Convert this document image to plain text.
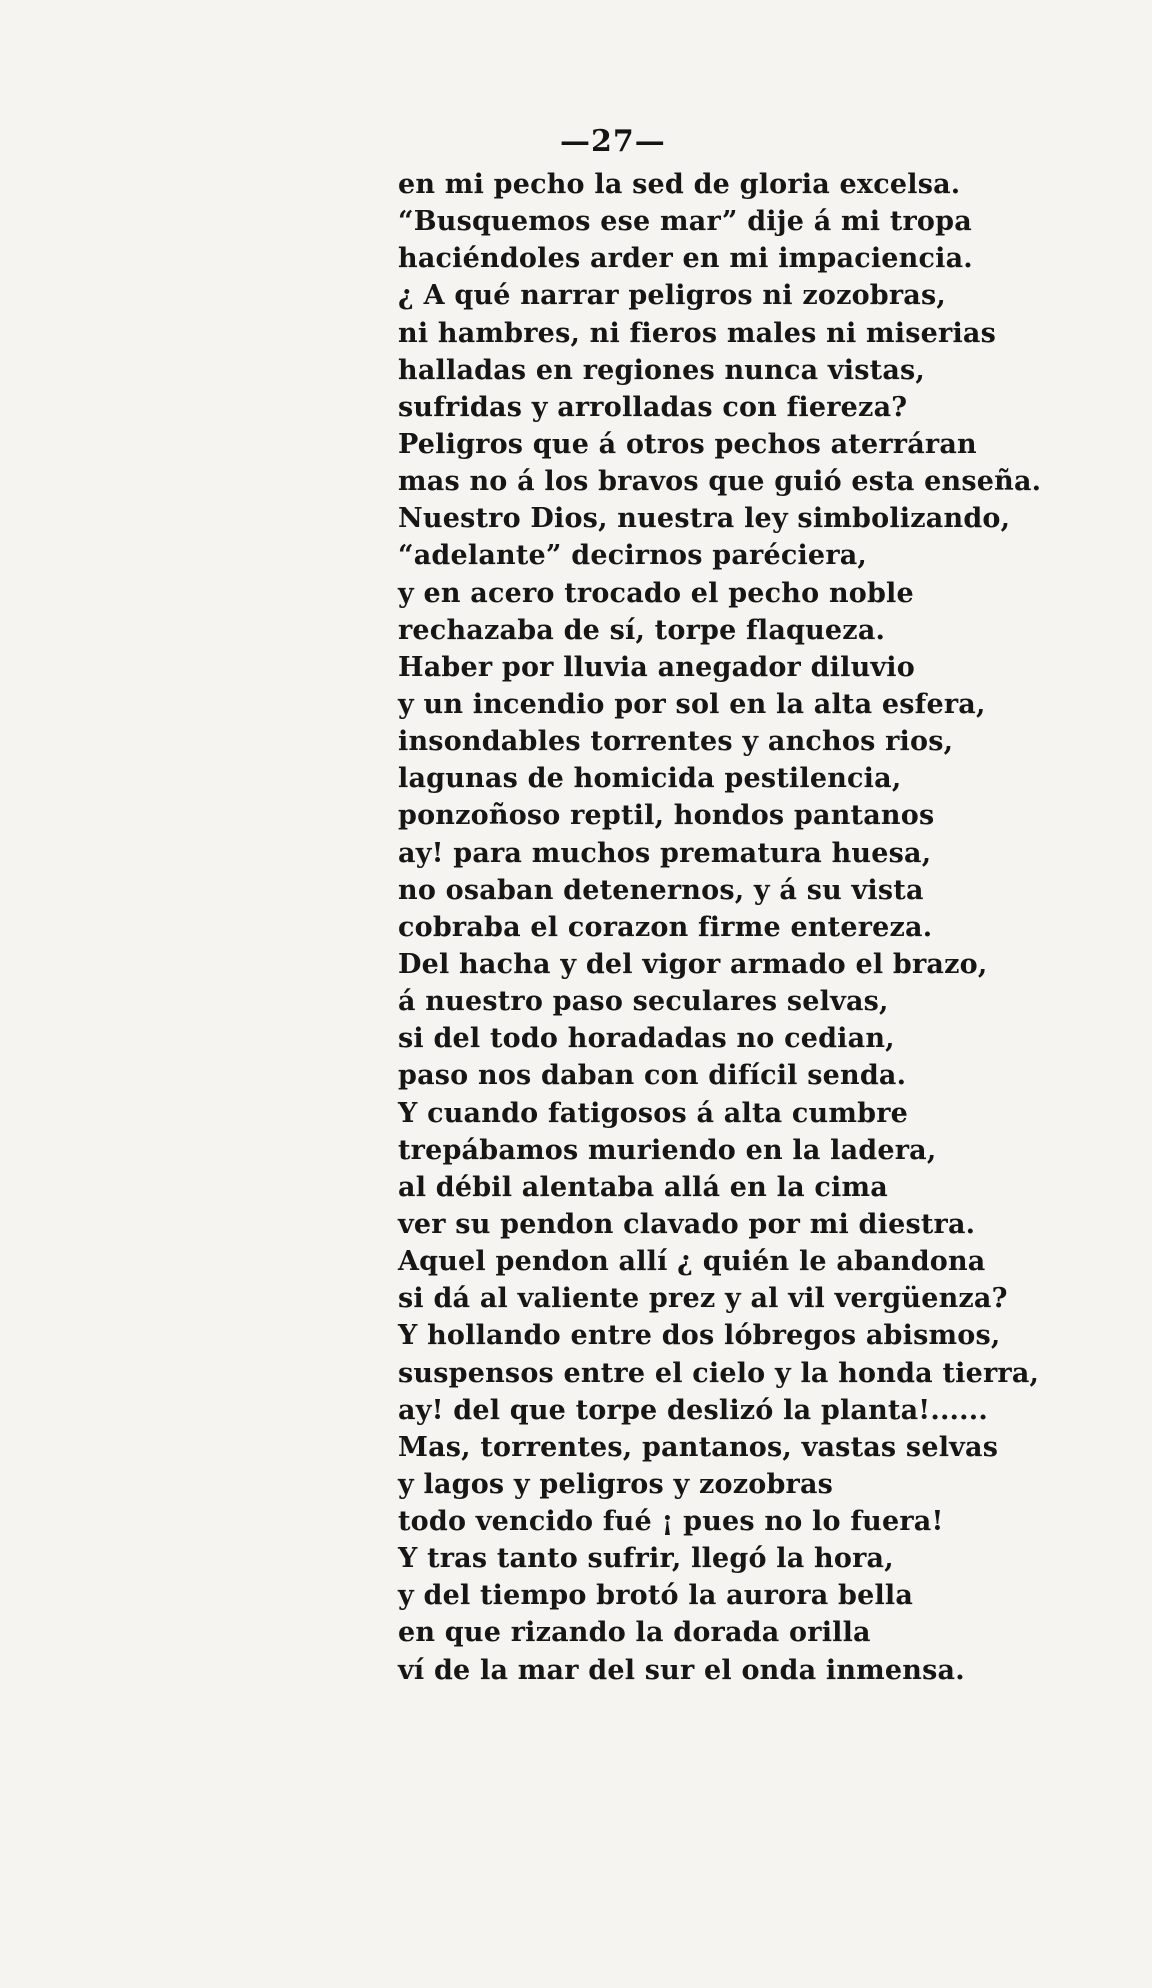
—27—
en mi pecho la sed de gloria excelsa.
“Busquemos ese mar” dije á mi tropa
haciéndoles arder en mi impaciencia.
¿ A qué narrar peligros ni zozobras,
ni hambres, ni fieros males ni miserias
halladas en regiones nunca vistas,
sufridas y arrolladas con fiereza?
Peligros que á otros pechos aterráran
mas no á los bravos que guió esta enseña.
Nuestro Dios, nuestra ley simbolizando,
“adelante” decirnos paréciera,
y en acero trocado el pecho noble
rechazaba de sí, torpe flaqueza.
Haber por lluvia anegador diluvio
y un incendio por sol en la alta esfera,
insondables torrentes y anchos rios,
lagunas de homicida pestilencia,
ponzoñoso reptil, hondos pantanos
ay! para muchos prematura huesa,
no osaban detenernos, y á su vista
cobraba el corazon firme entereza.
Del hacha y del vigor armado el brazo,
á nuestro paso seculares selvas,
si del todo horadadas no cedian,
paso nos daban con difícil senda.
Y cuando fatigosos á alta cumbre
trepábamos muriendo en la ladera,
al débil alentaba allá en la cima
ver su pendon clavado por mi diestra.
Aquel pendon allí ¿ quién le abandona
si dá al valiente prez y al vil vergüenza?
Y hollando entre dos lóbregos abismos,
suspensos entre el cielo y la honda tierra,
ay! del que torpe deslizó la planta!......
Mas, torrentes, pantanos, vastas selvas
y lagos y peligros y zozobras
todo vencido fué ¡ pues no lo fuera!
Y tras tanto sufrir, llegó la hora,
y del tiempo brotó la aurora bella
en que rizando la dorada orilla
ví de la mar del sur el onda inmensa.
